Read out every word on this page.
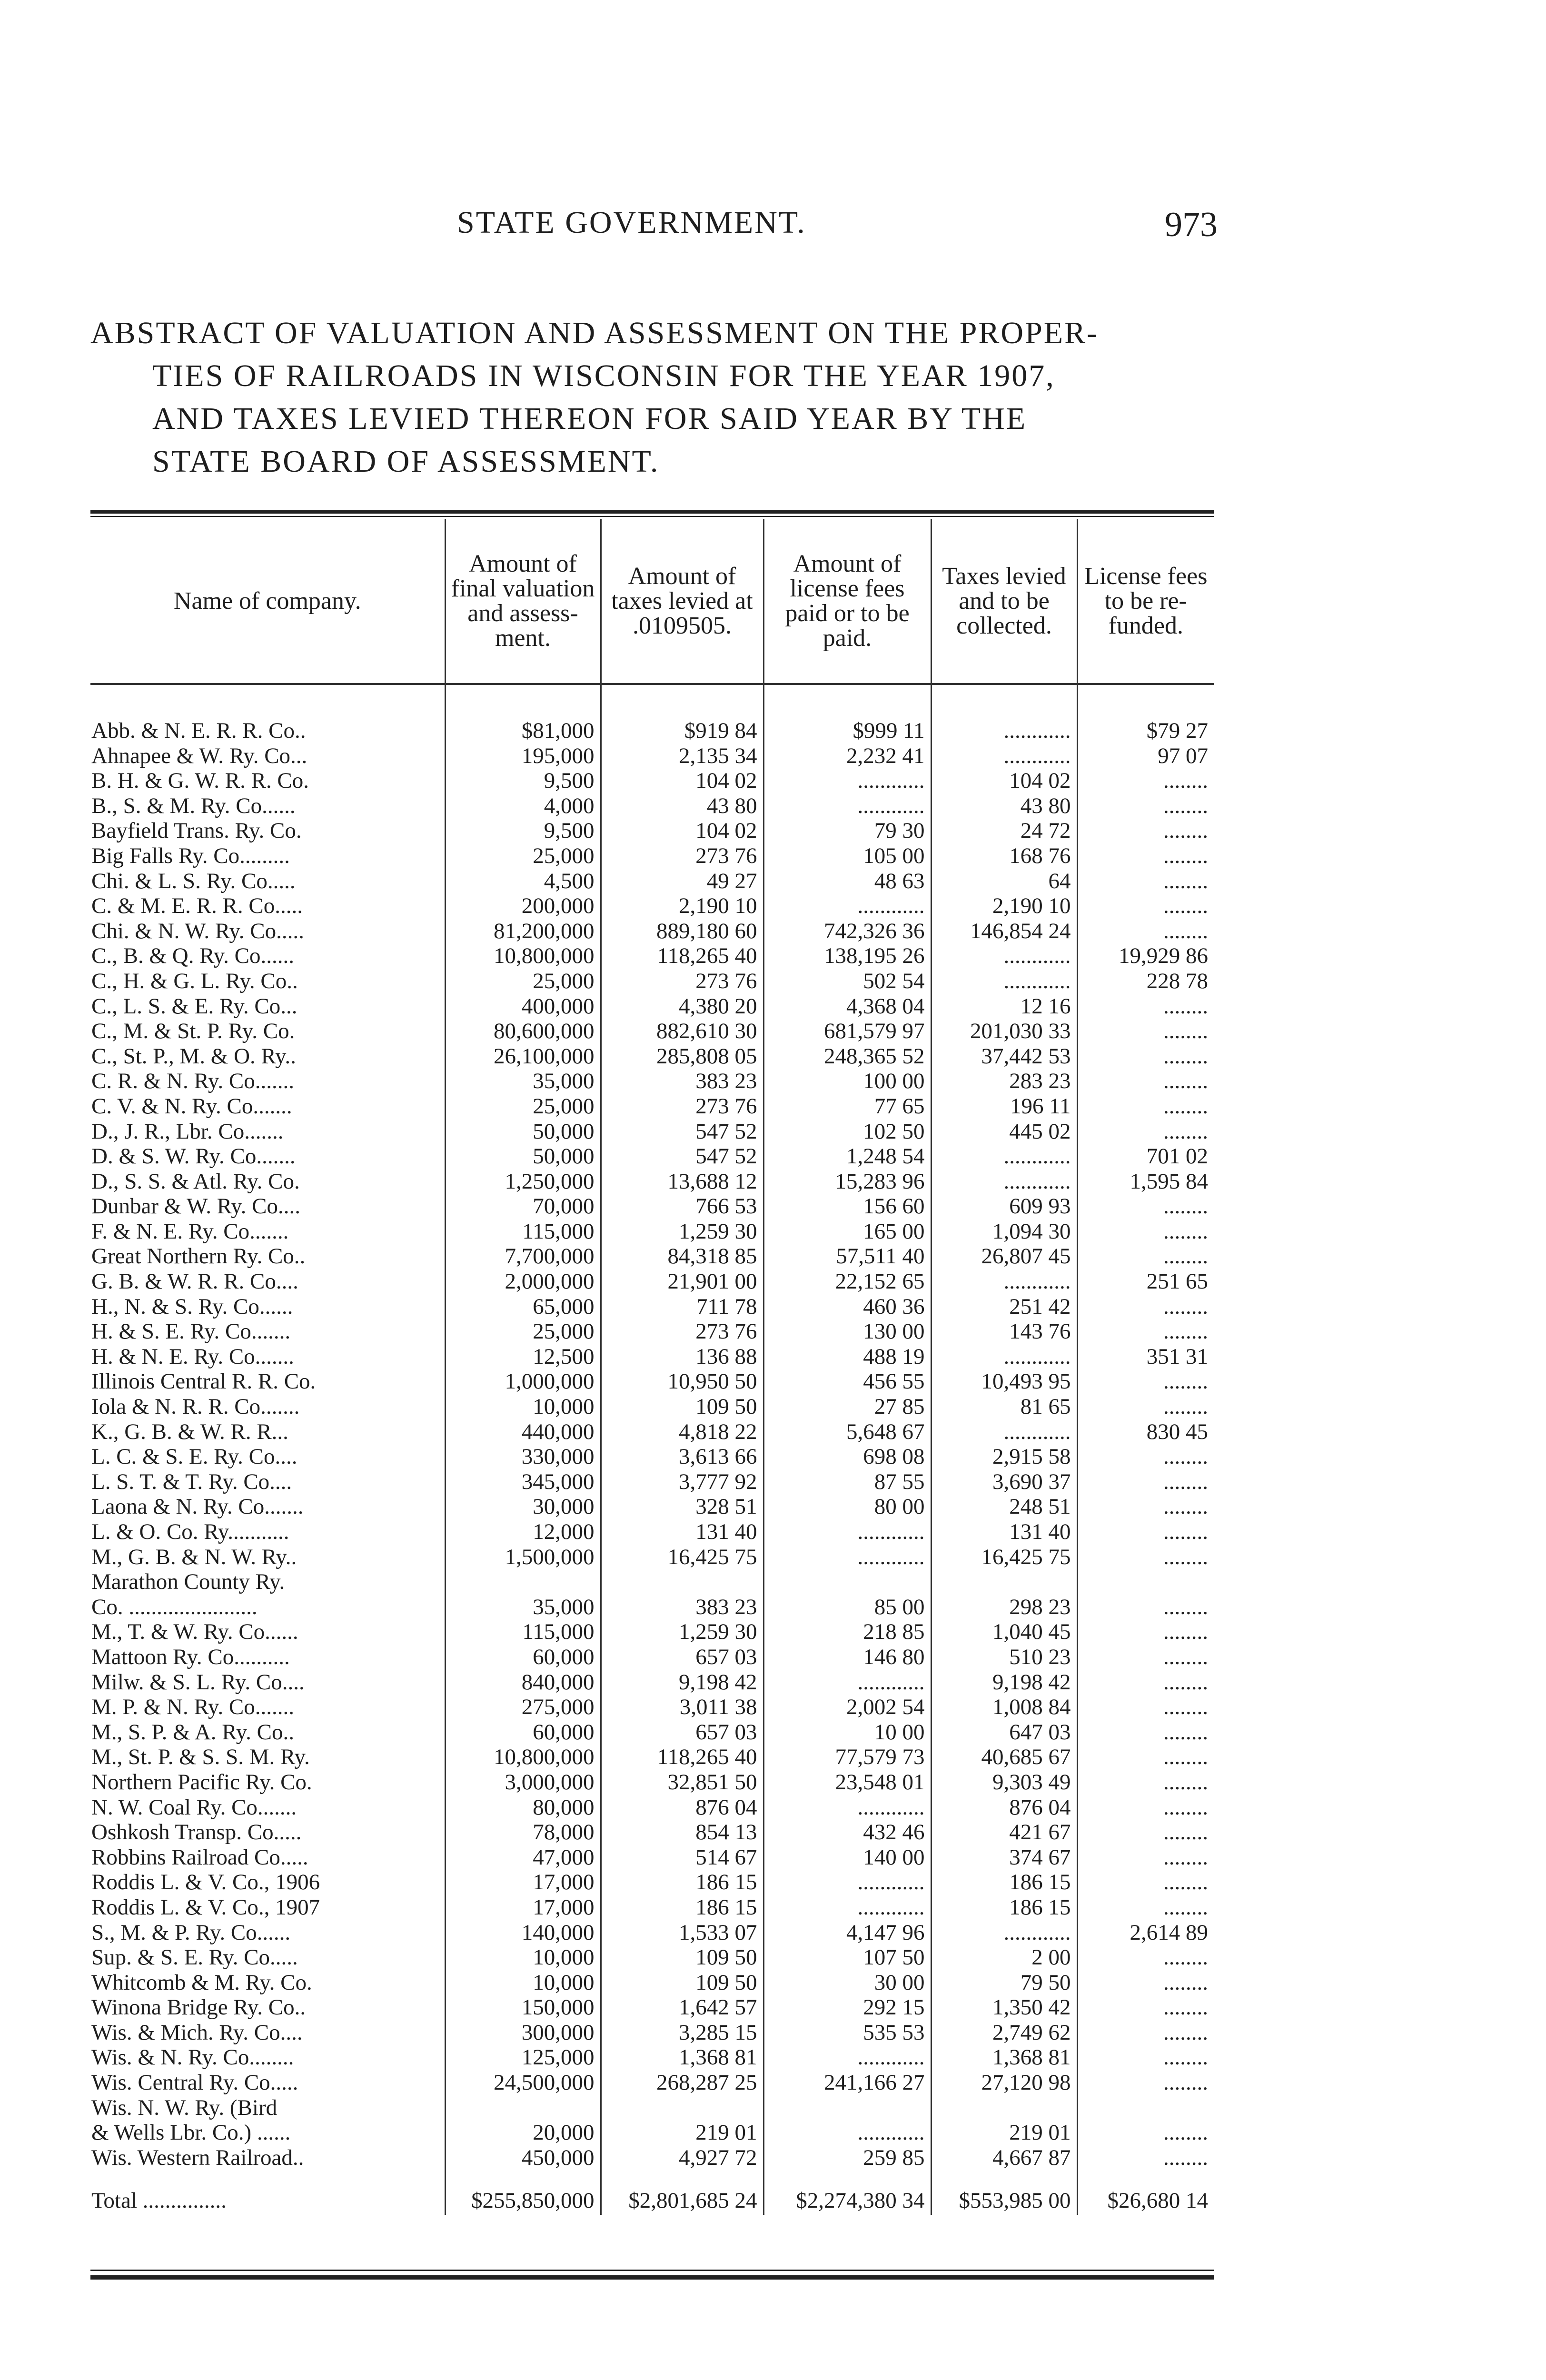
STATE GOVERNMENT.	973
ABSTRACT OF VALUATION AND ASSESSMENT ON THE PROPER-
TIES OF RAILROADS IN WISCONSIN FOR THE YEAR 1907,
AND TAXES LEVIED THEREON FOR SAID YEAR BY THE
STATE BOARD OF ASSESSMENT.
Name of company.	Amount of final valuation and assess- ment.	Amount of taxes levied at .0109505.	Amount of license fees paid or to be paid.	Taxes levied and to be collected.	License fees to be re- funded.
Abb. & N. E. R. R. Co..	$81,000	$919 84	$999 11	............	$79 27
Ahnapee & W. Ry. Co...	195,000	2,135 34	2,232 41	............	97 07
B. H. & G. W. R. R. Co.	9,500	104 02	............	104 02	........
B., S. & M. Ry. Co......	4,000	43 80	............	43 80	........
Bayfield Trans. Ry. Co.	9,500	104 02	79 30	24 72	........
Big Falls Ry. Co.........	25,000	273 76	105 00	168 76	........
Chi. & L. S. Ry. Co.....	4,500	49 27	48 63	64	........
C. & M. E. R. R. Co.....	200,000	2,190 10	............	2,190 10	........
Chi. & N. W. Ry. Co.....	81,200,000	889,180 60	742,326 36	146,854 24	........
C., B. & Q. Ry. Co......	10,800,000	118,265 40	138,195 26	............	19,929 86
C., H. & G. L. Ry. Co..	25,000	273 76	502 54	............	228 78
C., L. S. & E. Ry. Co...	400,000	4,380 20	4,368 04	12 16	........
C., M. & St. P. Ry. Co.	80,600,000	882,610 30	681,579 97	201,030 33	........
C., St. P., M. & O. Ry..	26,100,000	285,808 05	248,365 52	37,442 53	........
C. R. & N. Ry. Co.......	35,000	383 23	100 00	283 23	........
C. V. & N. Ry. Co.......	25,000	273 76	77 65	196 11	........
D., J. R., Lbr. Co.......	50,000	547 52	102 50	445 02	........
D. & S. W. Ry. Co.......	50,000	547 52	1,248 54	............	701 02
D., S. S. & Atl. Ry. Co.	1,250,000	13,688 12	15,283 96	............	1,595 84
Dunbar & W. Ry. Co....	70,000	766 53	156 60	609 93	........
F. & N. E. Ry. Co.......	115,000	1,259 30	165 00	1,094 30	........
Great Northern Ry. Co..	7,700,000	84,318 85	57,511 40	26,807 45	........
G. B. & W. R. R. Co....	2,000,000	21,901 00	22,152 65	............	251 65
H., N. & S. Ry. Co......	65,000	711 78	460 36	251 42	........
H. & S. E. Ry. Co.......	25,000	273 76	130 00	143 76	........
H. & N. E. Ry. Co.......	12,500	136 88	488 19	............	351 31
Illinois Central R. R. Co.	1,000,000	10,950 50	456 55	10,493 95	........
Iola & N. R. R. Co.......	10,000	109 50	27 85	81 65	........
K., G. B. & W. R. R...	440,000	4,818 22	5,648 67	............	830 45
L. C. & S. E. Ry. Co....	330,000	3,613 66	698 08	2,915 58	........
L. S. T. & T. Ry. Co....	345,000	3,777 92	87 55	3,690 37	........
Laona & N. Ry. Co.......	30,000	328 51	80 00	248 51	........
L. & O. Co. Ry...........	12,000	131 40	............	131 40	........
M., G. B. & N. W. Ry..	1,500,000	16,425 75	............	16,425 75	........
Marathon County Ry.					
Co. .......................	35,000	383 23	85 00	298 23	........
M., T. & W. Ry. Co......	115,000	1,259 30	218 85	1,040 45	........
Mattoon Ry. Co..........	60,000	657 03	146 80	510 23	........
Milw. & S. L. Ry. Co....	840,000	9,198 42	............	9,198 42	........
M. P. & N. Ry. Co.......	275,000	3,011 38	2,002 54	1,008 84	........
M., S. P. & A. Ry. Co..	60,000	657 03	10 00	647 03	........
M., St. P. & S. S. M. Ry.	10,800,000	118,265 40	77,579 73	40,685 67	........
Northern Pacific Ry. Co.	3,000,000	32,851 50	23,548 01	9,303 49	........
N. W. Coal Ry. Co.......	80,000	876 04	............	876 04	........
Oshkosh Transp. Co.....	78,000	854 13	432 46	421 67	........
Robbins Railroad Co.....	47,000	514 67	140 00	374 67	........
Roddis L. & V. Co., 1906	17,000	186 15	............	186 15	........
Roddis L. & V. Co., 1907	17,000	186 15	............	186 15	........
S., M. & P. Ry. Co......	140,000	1,533 07	4,147 96	............	2,614 89
Sup. & S. E. Ry. Co.....	10,000	109 50	107 50	2 00	........
Whitcomb & M. Ry. Co.	10,000	109 50	30 00	79 50	........
Winona Bridge Ry. Co..	150,000	1,642 57	292 15	1,350 42	........
Wis. & Mich. Ry. Co....	300,000	3,285 15	535 53	2,749 62	........
Wis. & N. Ry. Co........	125,000	1,368 81	............	1,368 81	........
Wis. Central Ry. Co.....	24,500,000	268,287 25	241,166 27	27,120 98	........
Wis. N. W. Ry. (Bird					
& Wells Lbr. Co.) ......	20,000	219 01	............	219 01	........
Wis. Western Railroad..	450,000	4,927 72	259 85	4,667 87	........
Total ...............	$255,850,000	$2,801,685 24	$2,274,380 34	$553,985 00	$26,680 14
